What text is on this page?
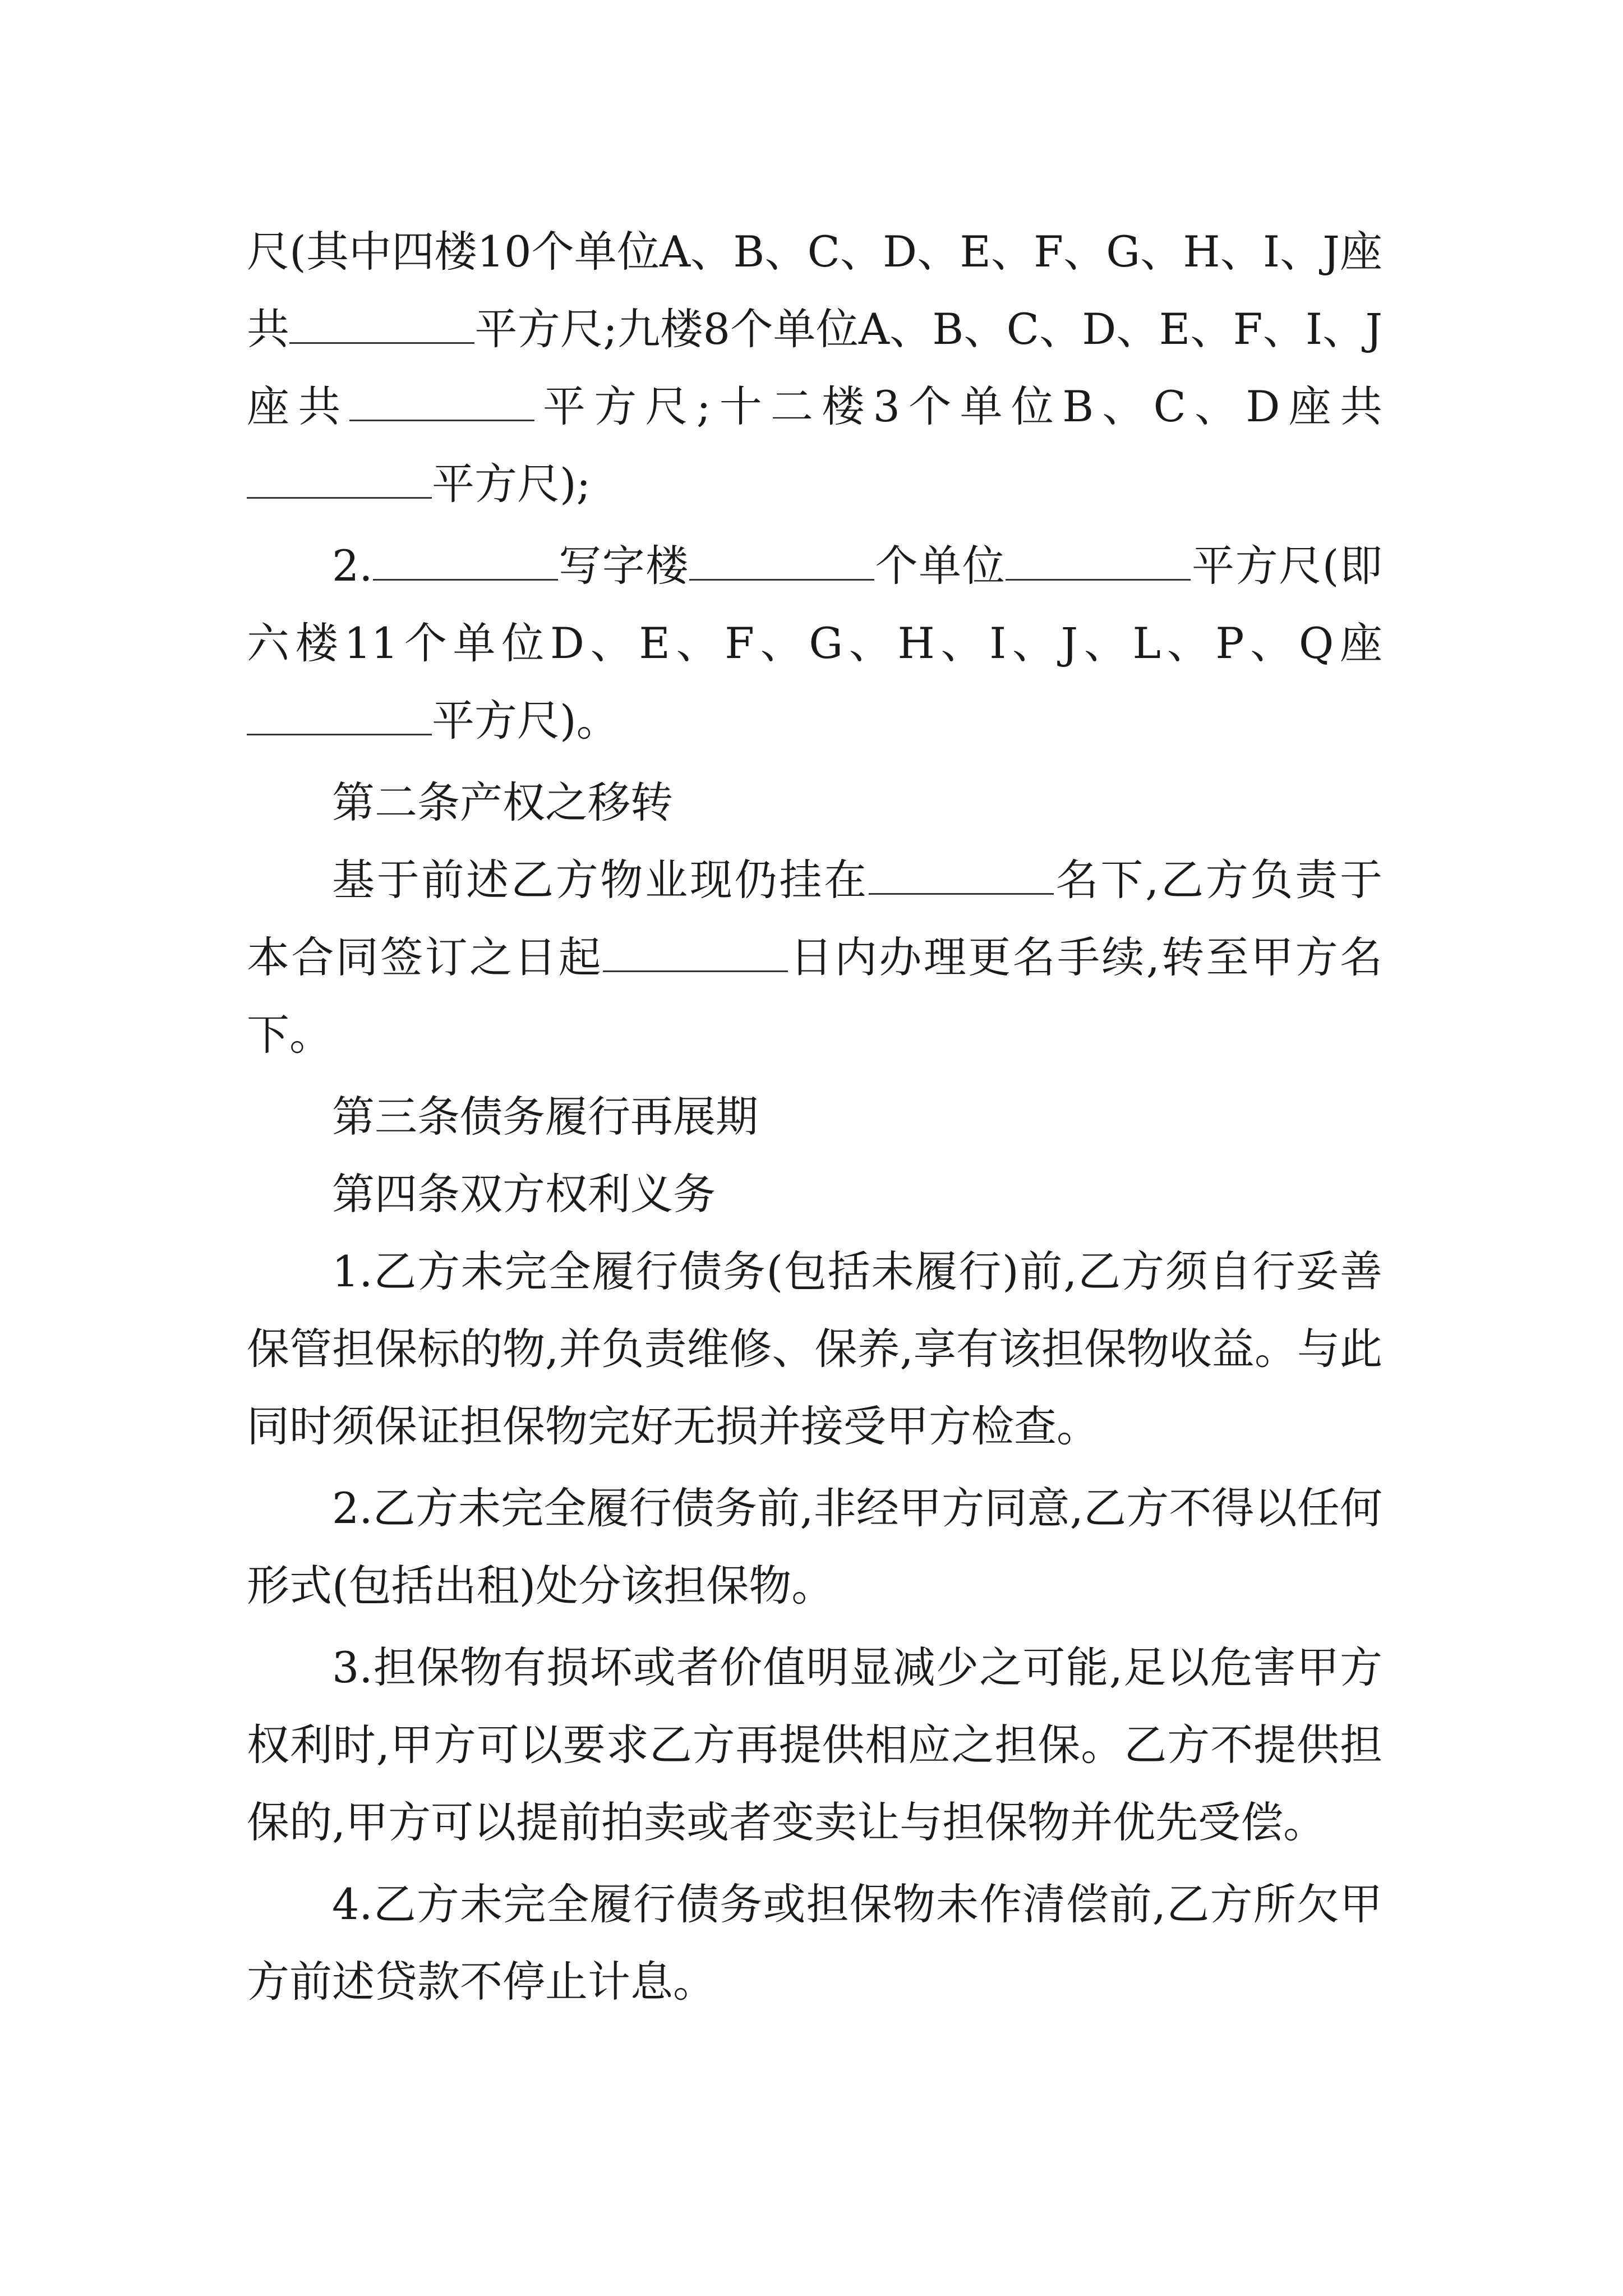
尺(其中四楼10个单位A、B、C、D、E、F、G、H、I、J座共	平方尺;九楼8个单位A、B、C、D、E、F、I、J座共	平方尺;十二楼3个单位B、C、D座共平方尺);

2.	写字楼	个单位	平方尺(即六楼11个单位D、E、F、G、H、I、J、L、P、Q座平方尺)。

第二条产权之移转

基于前述乙方物业现仍挂在	名下,乙方负责于本合同签订之日起	日内办理更名手续,转至甲方名下。

第三条债务履行再展期

第四条双方权利义务

1.乙方未完全履行债务(包括未履行)前,乙方须自行妥善保管担保标的物,并负责维修、保养,享有该担保物收益。与此同时须保证担保物完好无损并接受甲方检查。

2.乙方未完全履行债务前,非经甲方同意,乙方不得以任何形式(包括出租)处分该担保物。

3.担保物有损坏或者价值明显减少之可能,足以危害甲方权利时,甲方可以要求乙方再提供相应之担保。乙方不提供担保的,甲方可以提前拍卖或者变卖让与担保物并优先受偿。

4.乙方未完全履行债务或担保物未作清偿前,乙方所欠甲方前述贷款不停止计息。
